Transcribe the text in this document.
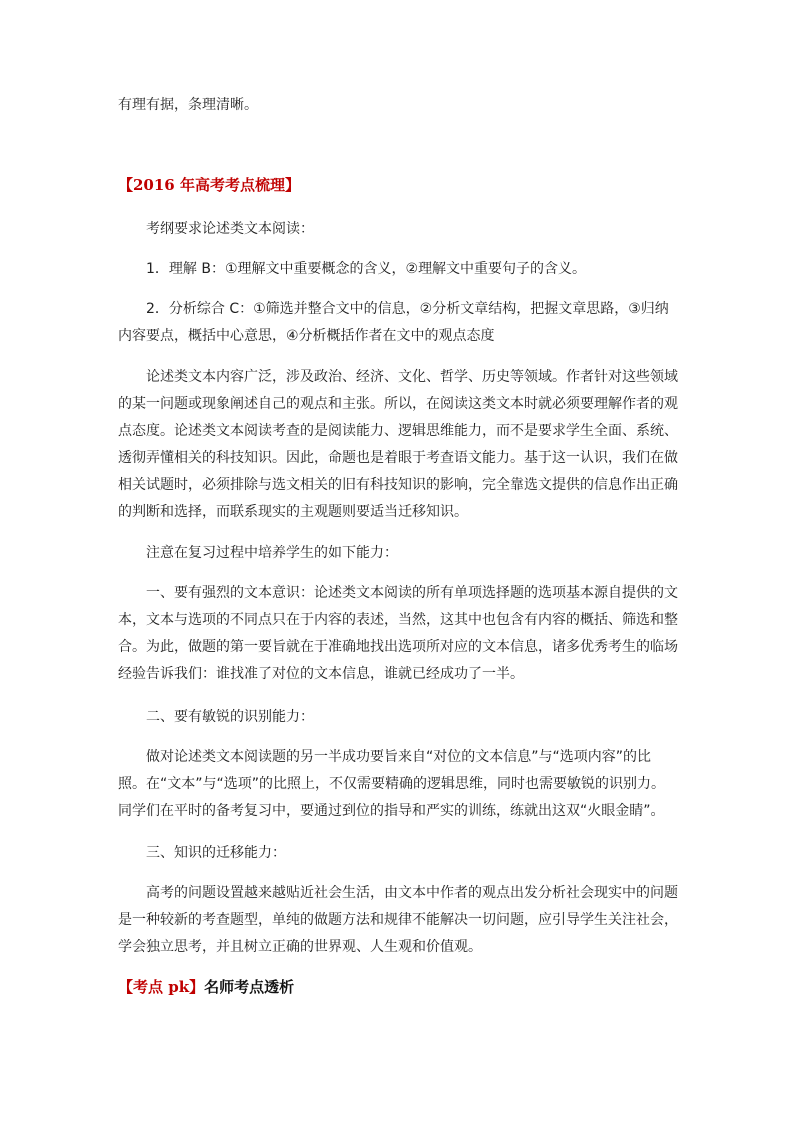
有理有据，条理清晰。

【2016 年高考考点梳理】

考纲要求论述类文本阅读：

1．理解 B：①理解文中重要概念的含义，②理解文中重要句子的含义。

2．分析综合 C：①筛选并整合文中的信息，②分析文章结构，把握文章思路，③归纳内容要点，概括中心意思，④分析概括作者在文中的观点态度

论述类文本内容广泛，涉及政治、经济、文化、哲学、历史等领域。作者针对这些领域的某一问题或现象阐述自己的观点和主张。所以，在阅读这类文本时就必须要理解作者的观点态度。论述类文本阅读考查的是阅读能力、逻辑思维能力，而不是要求学生全面、系统、透彻弄懂相关的科技知识。因此，命题也是着眼于考查语文能力。基于这一认识，我们在做相关试题时，必须排除与选文相关的旧有科技知识的影响，完全靠选文提供的信息作出正确的判断和选择，而联系现实的主观题则要适当迁移知识。

注意在复习过程中培养学生的如下能力：

一、要有强烈的文本意识：论述类文本阅读的所有单项选择题的选项基本源自提供的文本，文本与选项的不同点只在于内容的表述，当然，这其中也包含有内容的概括、筛选和整合。为此，做题的第一要旨就在于准确地找出选项所对应的文本信息，诸多优秀考生的临场经验告诉我们：谁找准了对位的文本信息，谁就已经成功了一半。

二、要有敏锐的识别能力：

做对论述类文本阅读题的另一半成功要旨来自“对位的文本信息”与“选项内容”的比照。在“文本”与“选项”的比照上，不仅需要精确的逻辑思维，同时也需要敏锐的识别力。同学们在平时的备考复习中，要通过到位的指导和严实的训练，练就出这双“火眼金睛”。

三、知识的迁移能力：

高考的问题设置越来越贴近社会生活，由文本中作者的观点出发分析社会现实中的问题是一种较新的考查题型，单纯的做题方法和规律不能解决一切问题，应引导学生关注社会，学会独立思考，并且树立正确的世界观、人生观和价值观。

【考点 pk】名师考点透析
